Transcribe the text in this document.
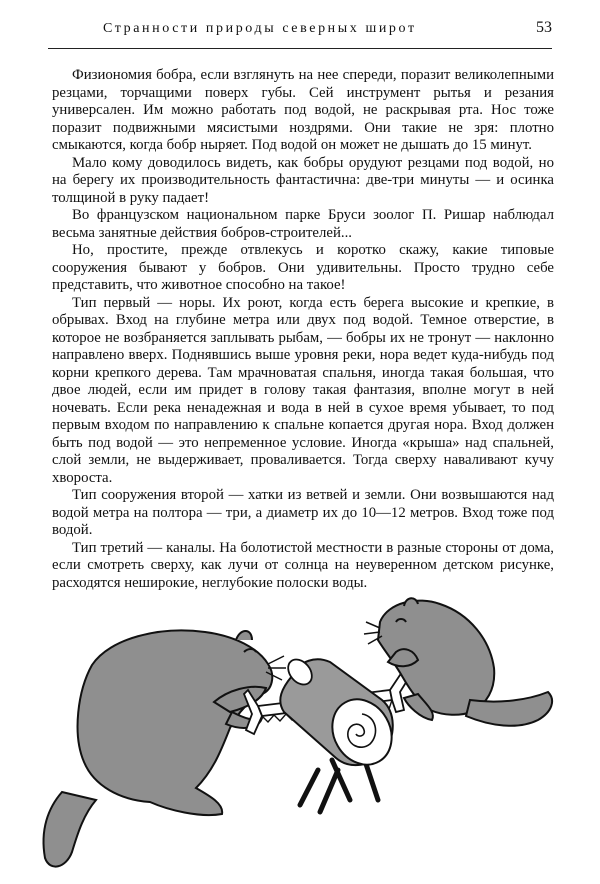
Странности природы северных широт	53

Физиономия бобра, если взглянуть на нее спереди, поразит великолепными резцами, торчащими поверх губы. Сей инструмент рытья и резания универсален. Им можно работать под водой, не раскрывая рта. Нос тоже поразит подвижными мясистыми ноздрями. Они такие не зря: плотно смыкаются, когда бобр ныряет. Под водой он может не дышать до 15 минут.

Мало кому доводилось видеть, как бобры орудуют резцами под водой, но на берегу их производительность фантастична: две-три минуты — и осинка толщиной в руку падает!

Во французском национальном парке Бруси зоолог П. Ришар наблюдал весьма занятные действия бобров-строителей...

Но, простите, прежде отвлекусь и коротко скажу, какие типовые сооружения бывают у бобров. Они удивительны. Просто трудно себе представить, что животное способно на такое!

Тип первый — норы. Их роют, когда есть берега высокие и крепкие, в обрывах. Вход на глубине метра или двух под водой. Темное отверстие, в которое не возбраняется заплывать рыбам, — бобры их не тронут — наклонно направлено вверх. Поднявшись выше уровня реки, нора ведет куда-нибудь под корни крепкого дерева. Там мрачноватая спальня, иногда такая большая, что двое людей, если им придет в голову такая фантазия, вполне могут в ней ночевать. Если река ненадежная и вода в ней в сухое время убывает, то под первым входом по направлению к спальне копается другая нора. Вход должен быть под водой — это непременное условие. Иногда «крыша» над спальней, слой земли, не выдерживает, проваливается. Тогда сверху наваливают кучу хвороста.

Тип сооружения второй — хатки из ветвей и земли. Они возвышаются над водой метра на полтора — три, а диаметр их до 10—12 метров. Вход тоже под водой.

Тип третий — каналы. На болотистой местности в разные стороны от дома, если смотреть сверху, как лучи от солнца на неуверенном детском рисунке, расходятся неширокие, неглубокие полоски воды.
